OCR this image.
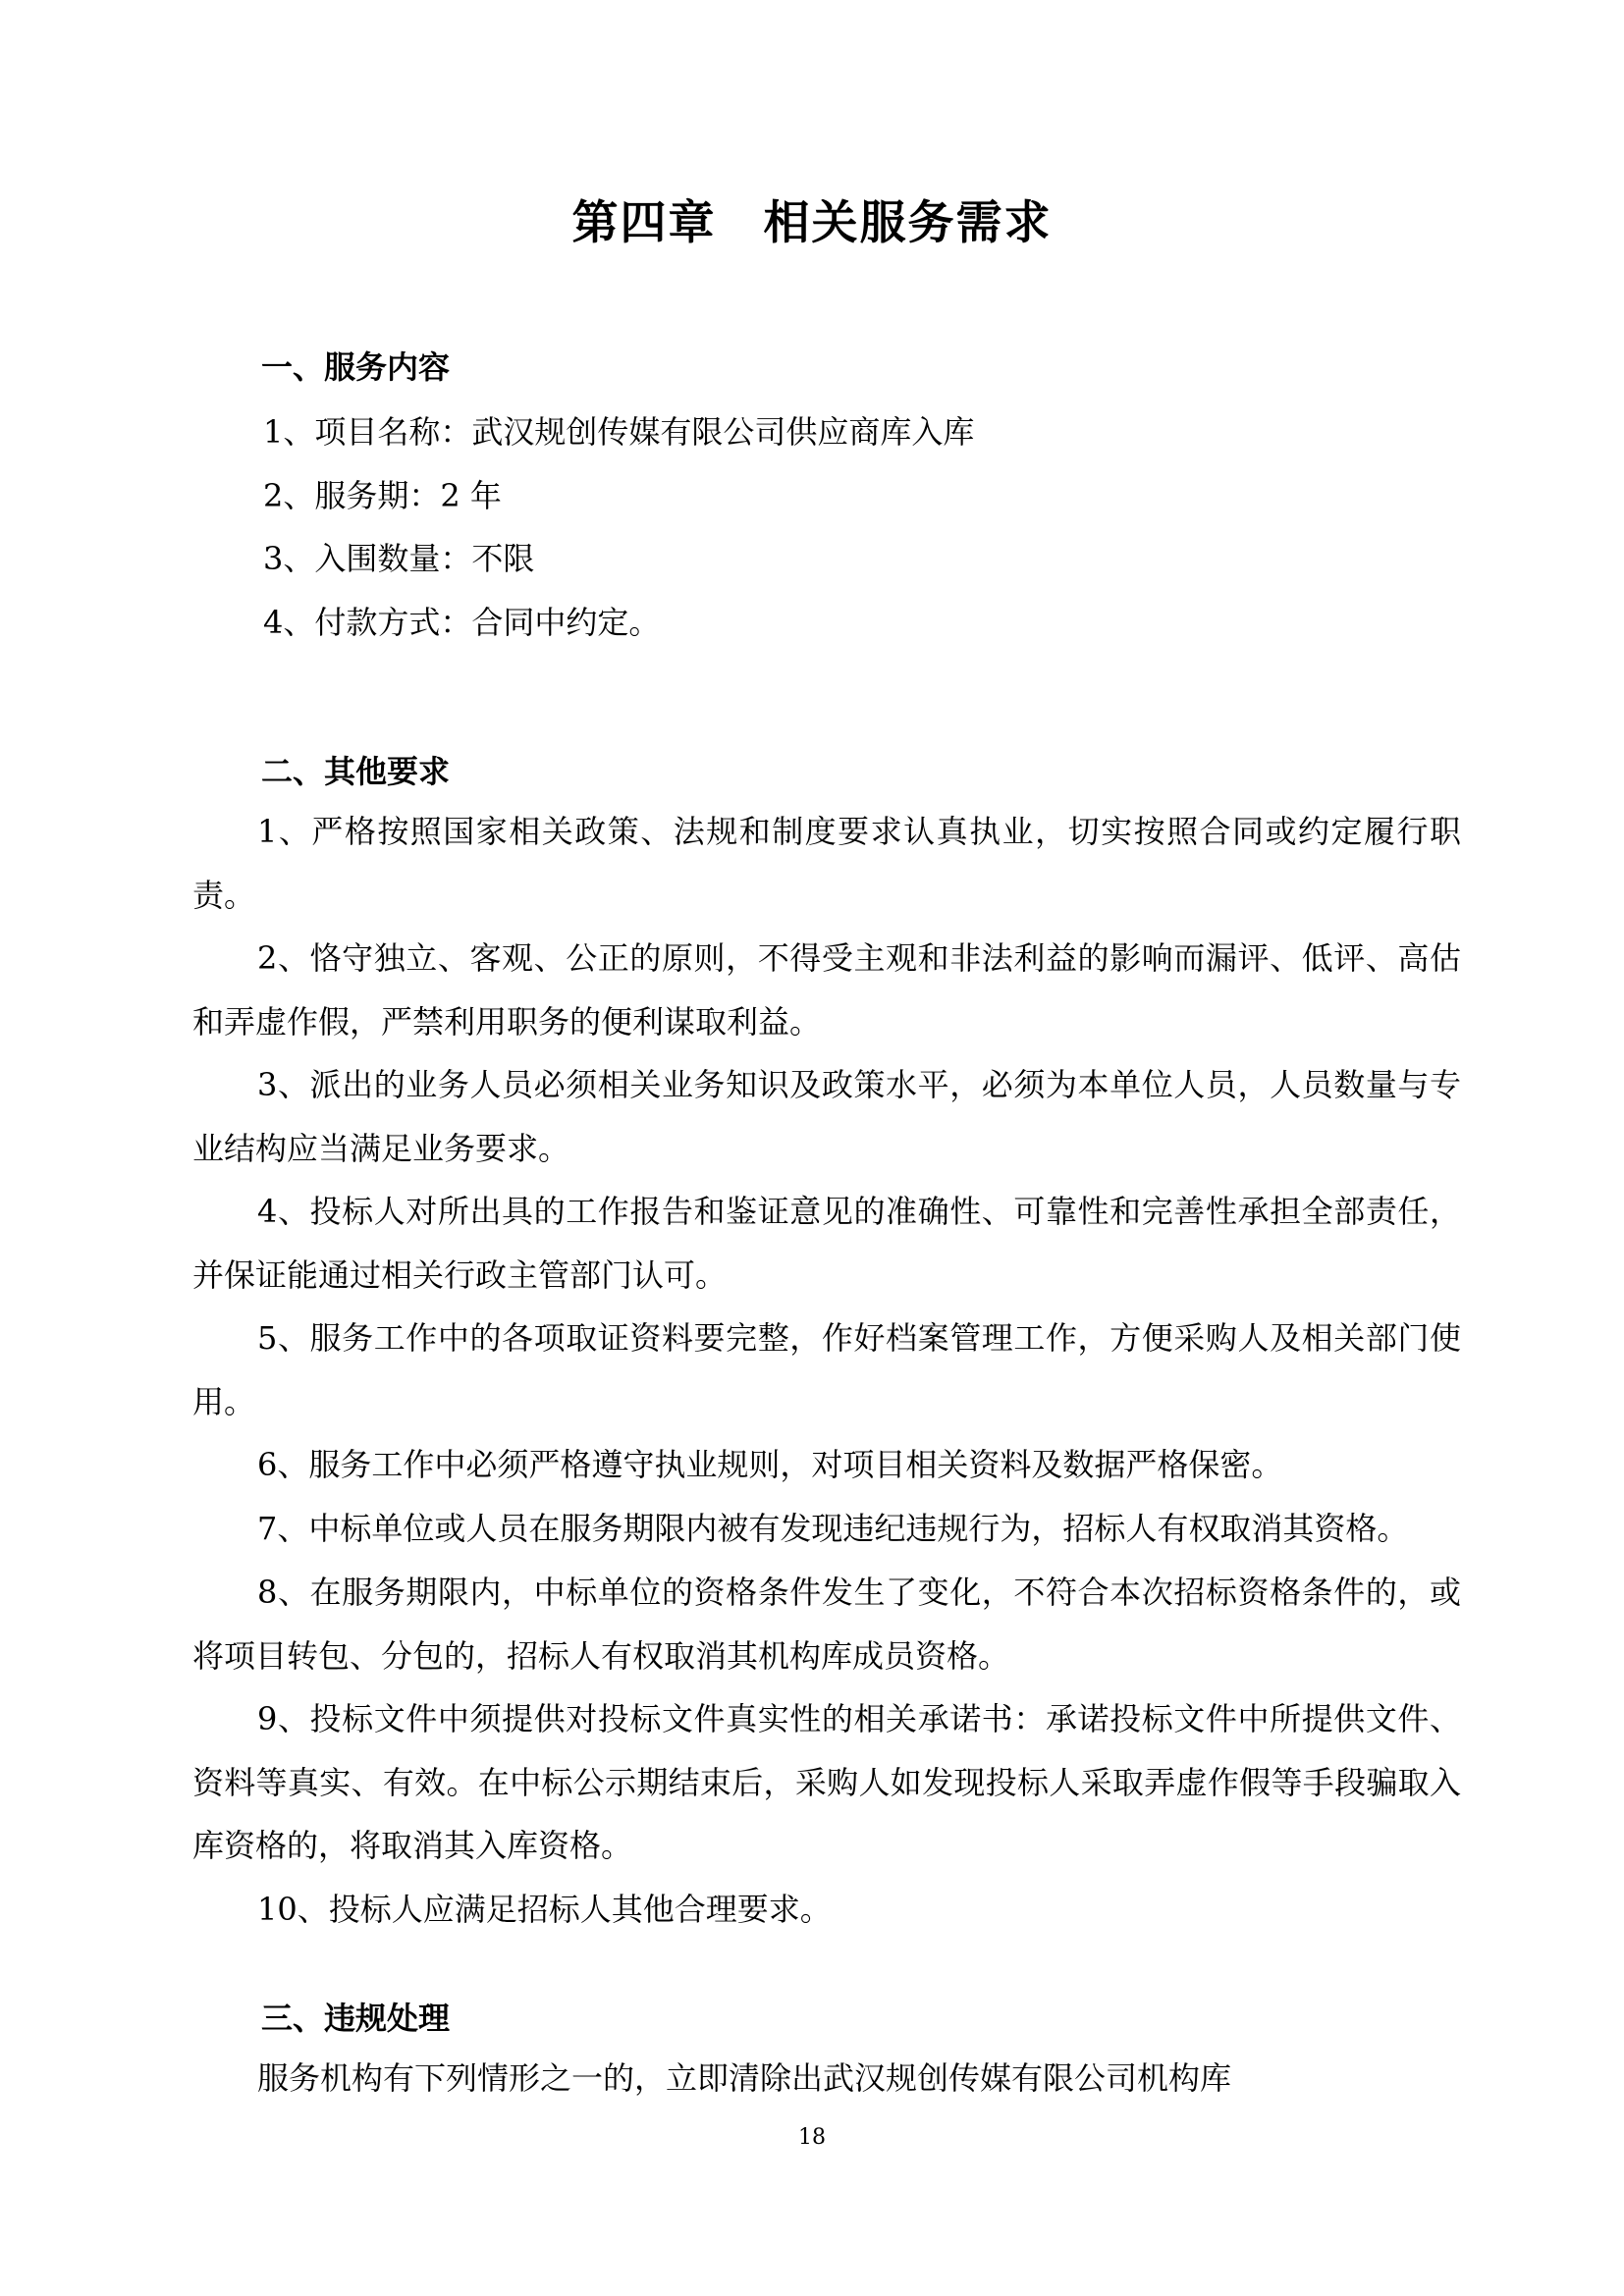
第四章 相关服务需求
一、服务内容

1、项目名称：武汉规创传媒有限公司供应商库入库

2、服务期：2 年

3、入围数量：不限

4、付款方式：合同中约定。

二、其他要求

1、严格按照国家相关政策、法规和制度要求认真执业，切实按照合同或约定履行职责。

2、恪守独立、客观、公正的原则，不得受主观和非法利益的影响而漏评、低评、高估和弄虚作假，严禁利用职务的便利谋取利益。

3、派出的业务人员必须相关业务知识及政策水平，必须为本单位人员，人员数量与专业结构应当满足业务要求。

4、投标人对所出具的工作报告和鉴证意见的准确性、可靠性和完善性承担全部责任，并保证能通过相关行政主管部门认可。

5、服务工作中的各项取证资料要完整，作好档案管理工作，方便采购人及相关部门使用。

6、服务工作中必须严格遵守执业规则，对项目相关资料及数据严格保密。

7、中标单位或人员在服务期限内被有发现违纪违规行为，招标人有权取消其资格。

8、在服务期限内，中标单位的资格条件发生了变化，不符合本次招标资格条件的，或将项目转包、分包的，招标人有权取消其机构库成员资格。

9、投标文件中须提供对投标文件真实性的相关承诺书：承诺投标文件中所提供文件、资料等真实、有效。在中标公示期结束后，采购人如发现投标人采取弄虚作假等手段骗取入库资格的，将取消其入库资格。

10、投标人应满足招标人其他合理要求。

三、违规处理

服务机构有下列情形之一的，立即清除出武汉规创传媒有限公司机构库

18
